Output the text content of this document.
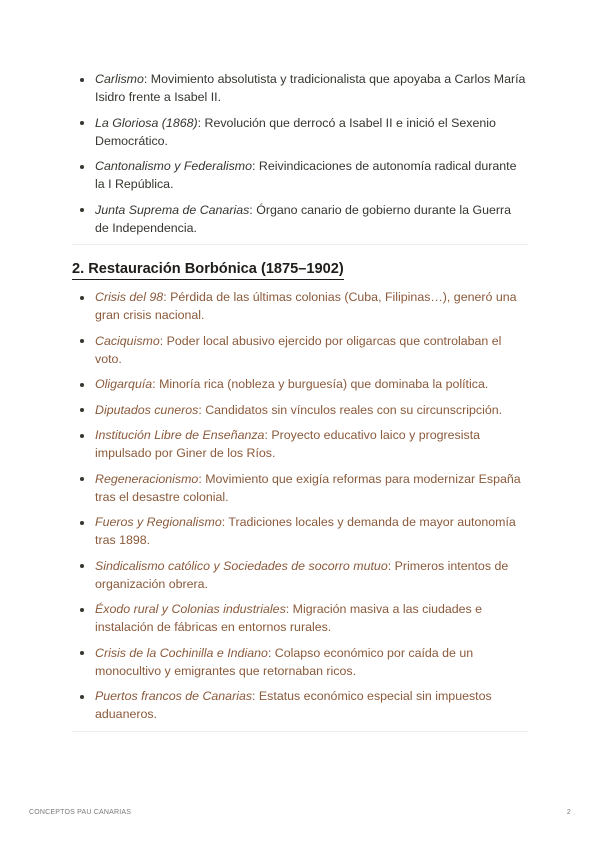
Carlismo: Movimiento absolutista y tradicionalista que apoyaba a Carlos María Isidro frente a Isabel II.
La Gloriosa (1868): Revolución que derrocó a Isabel II e inició el Sexenio Democrático.
Cantonalismo y Federalismo: Reivindicaciones de autonomía radical durante la I República.
Junta Suprema de Canarias: Órgano canario de gobierno durante la Guerra de Independencia.
2. Restauración Borbónica (1875–1902)
Crisis del 98: Pérdida de las últimas colonias (Cuba, Filipinas…), generó una gran crisis nacional.
Caciquismo: Poder local abusivo ejercido por oligarcas que controlaban el voto.
Oligarquía: Minoría rica (nobleza y burguesía) que dominaba la política.
Diputados cuneros: Candidatos sin vínculos reales con su circunscripción.
Institución Libre de Enseñanza: Proyecto educativo laico y progresista impulsado por Giner de los Ríos.
Regeneracionismo: Movimiento que exigía reformas para modernizar España tras el desastre colonial.
Fueros y Regionalismo: Tradiciones locales y demanda de mayor autonomía tras 1898.
Sindicalismo católico y Sociedades de socorro mutuo: Primeros intentos de organización obrera.
Éxodo rural y Colonias industriales: Migración masiva a las ciudades e instalación de fábricas en entornos rurales.
Crisis de la Cochinilla e Indiano: Colapso económico por caída de un monocultivo y emigrantes que retornaban ricos.
Puertos francos de Canarias: Estatus económico especial sin impuestos aduaneros.
CONCEPTOS PAU CANARIAS	2
